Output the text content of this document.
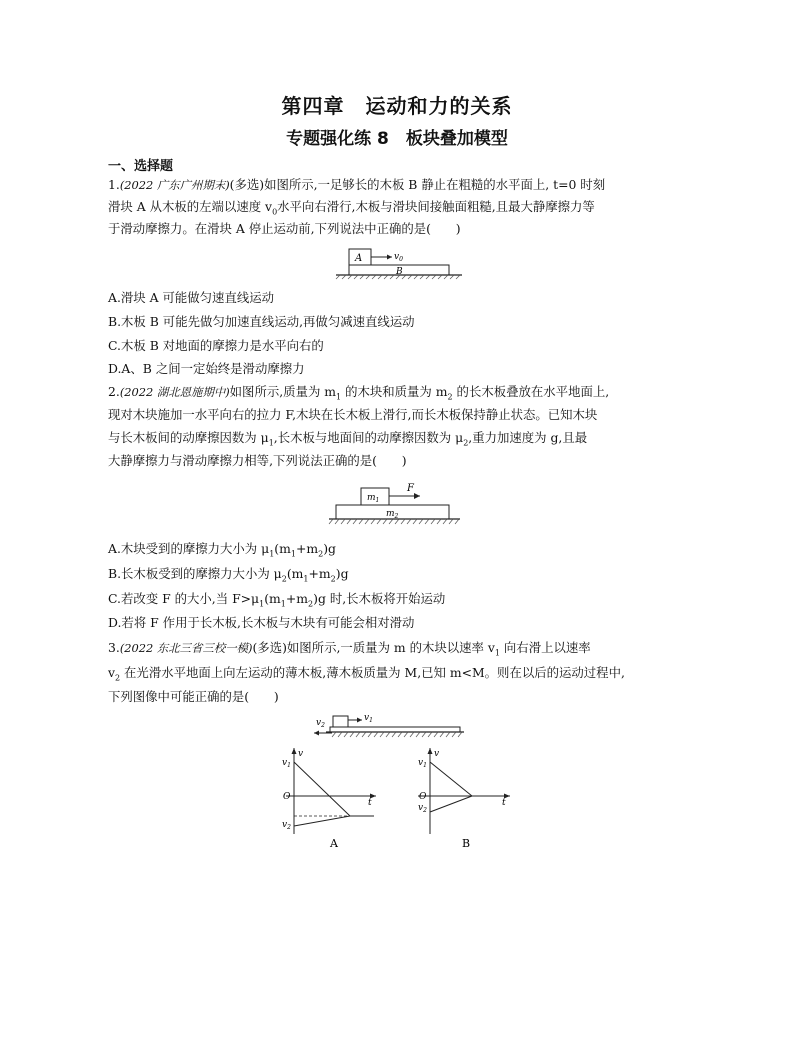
第四章　运动和力的关系
专题强化练 8　板块叠加模型
一、选择题
1.(2022 广东广州期末)(多选)如图所示,一足够长的木板 B 静止在粗糙的水平面上, t=0 时刻
滑块 A 从木板的左端以速度 $v_0$水平向右滑行,木板与滑块间接触面粗糙,且最大静摩擦力等
于滑动摩擦力。在滑块 A 停止运动前,下列说法中正确的是(　　)
A	$v_0$
B
A.滑块 A 可能做匀速直线运动
B.木板 B 可能先做匀加速直线运动,再做匀减速直线运动
C.木板 B 对地面的摩擦力是水平向右的
D.A、B 之间一定始终是滑动摩擦力
2.(2022 湖北恩施期中)如图所示,质量为 $m_1$ 的木块和质量为 $m_2$ 的长木板叠放在水平地面上,
现对木块施加一水平向右的拉力 F,木块在长木板上滑行,而长木板保持静止状态。已知木块
与长木板间的动摩擦因数为 $\mu_1$,长木板与地面间的动摩擦因数为 $\mu_2$,重力加速度为 g,且最
大静摩擦力与滑动摩擦力相等,下列说法正确的是(　　)
$m_1$
F
$m_2$
A.木块受到的摩擦力大小为 $\mu_1(m_1+m_2)g$
B.长木板受到的摩擦力大小为 $\mu_2(m_1+m_2)g$
C.若改变 F 的大小,当 $F>\mu_1(m_1+m_2)g$ 时,长木板将开始运动
D.若将 F 作用于长木板,长木板与木块有可能会相对滑动
3.(2022 东北三省三校一模)(多选)如图所示,一质量为 m 的木块以速率 $v_1$ 向右滑上以速率
$v_2$ 在光滑水平地面上向左运动的薄木板,薄木板质量为 M,已知 m<M。则在以后的运动过程中,
下列图像中可能正确的是(　　)
$v_2$
$v_1$
v
t
O
$v_1$
$v_2$
A
v
t
O
$v_1$
$v_2$
B
